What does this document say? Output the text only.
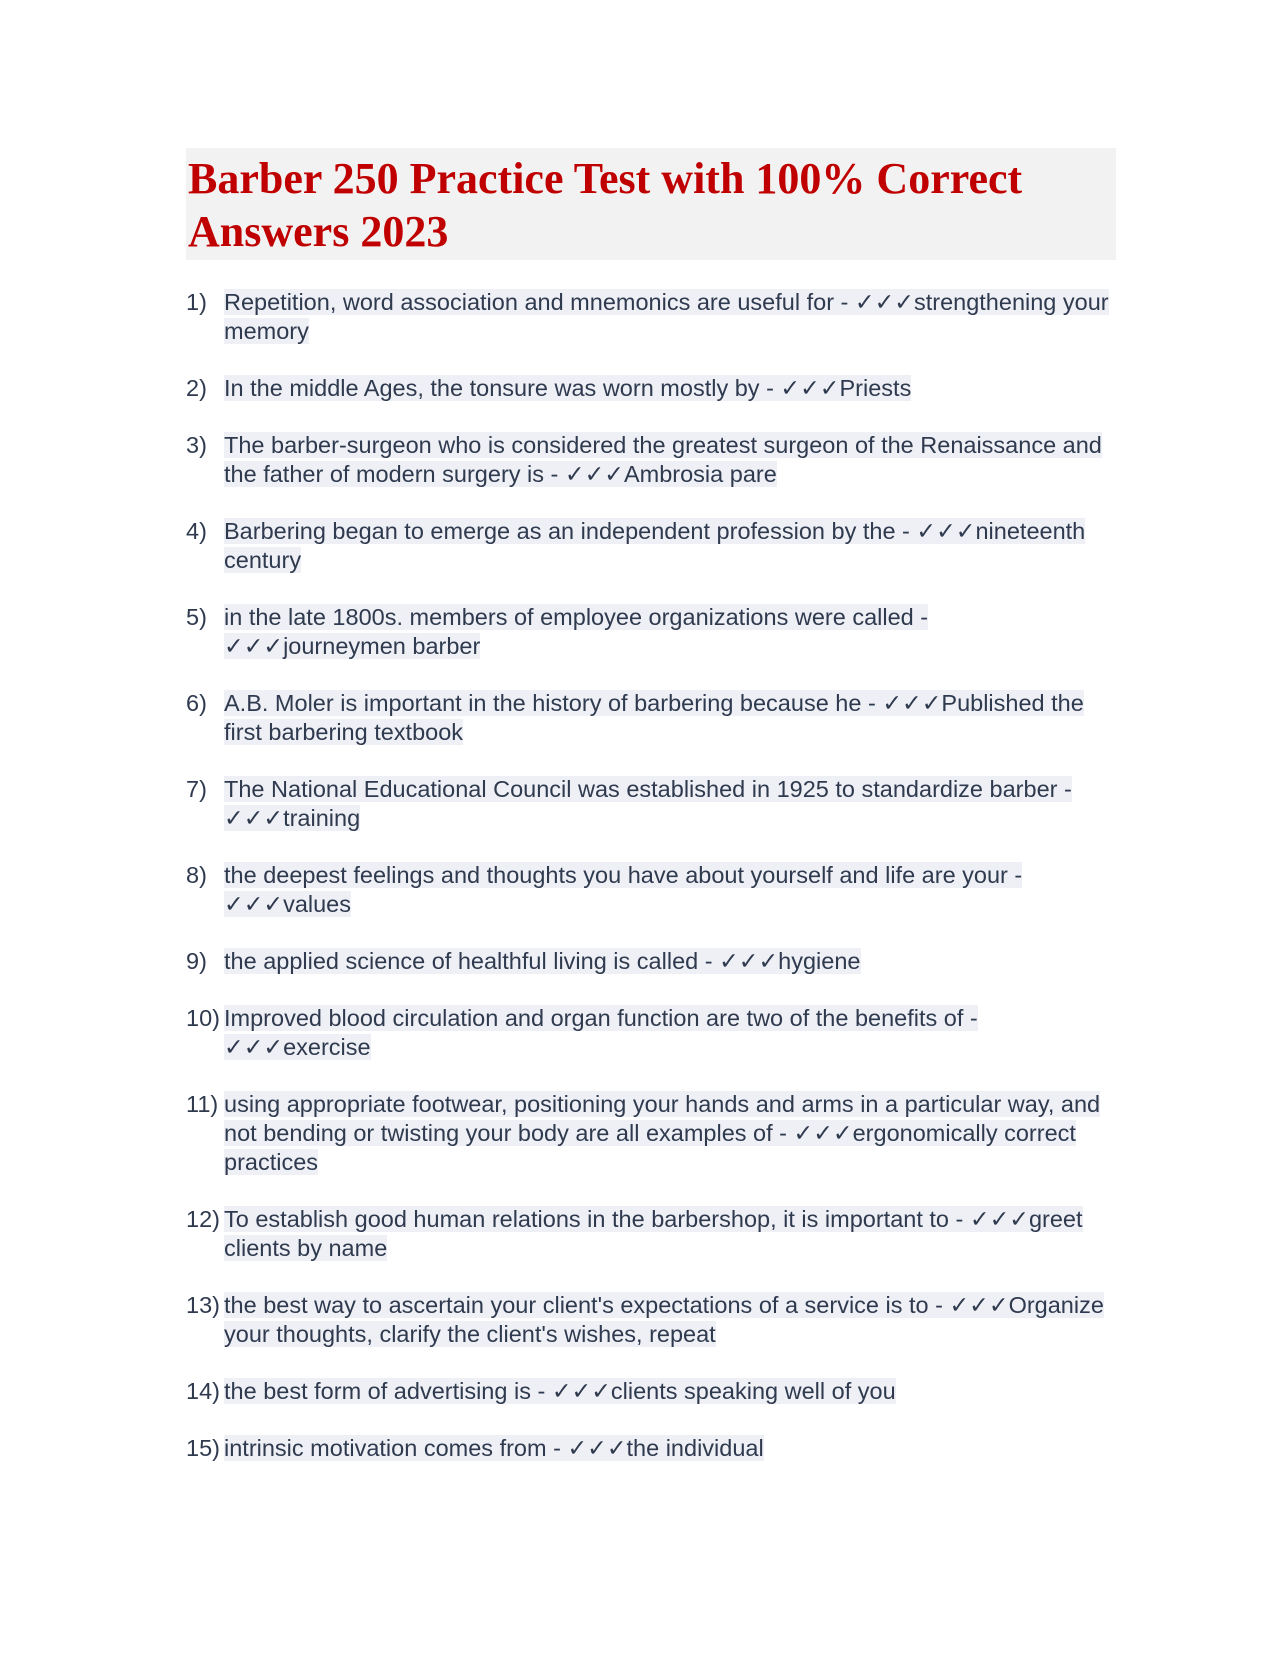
Barber 250 Practice Test with 100% Correct Answers 2023
1) Repetition, word association and mnemonics are useful for - ✓✓✓strengthening your memory
2) In the middle Ages, the tonsure was worn mostly by - ✓✓✓Priests
3) The barber-surgeon who is considered the greatest surgeon of the Renaissance and the father of modern surgery is - ✓✓✓Ambrosia pare
4) Barbering began to emerge as an independent profession by the - ✓✓✓nineteenth century
5) in the late 1800s. members of employee organizations were called - ✓✓✓journeymen barber
6) A.B. Moler is important in the history of barbering because he - ✓✓✓Published the first barbering textbook
7) The National Educational Council was established in 1925 to standardize barber - ✓✓✓training
8) the deepest feelings and thoughts you have about yourself and life are your - ✓✓✓values
9) the applied science of healthful living is called - ✓✓✓hygiene
10) Improved blood circulation and organ function are two of the benefits of - ✓✓✓exercise
11) using appropriate footwear, positioning your hands and arms in a particular way, and not bending or twisting your body are all examples of - ✓✓✓ergonomically correct practices
12) To establish good human relations in the barbershop, it is important to - ✓✓✓greet clients by name
13) the best way to ascertain your client's expectations of a service is to - ✓✓✓Organize your thoughts, clarify the client's wishes, repeat
14) the best form of advertising is - ✓✓✓clients speaking well of you
15) intrinsic motivation comes from - ✓✓✓the individual
